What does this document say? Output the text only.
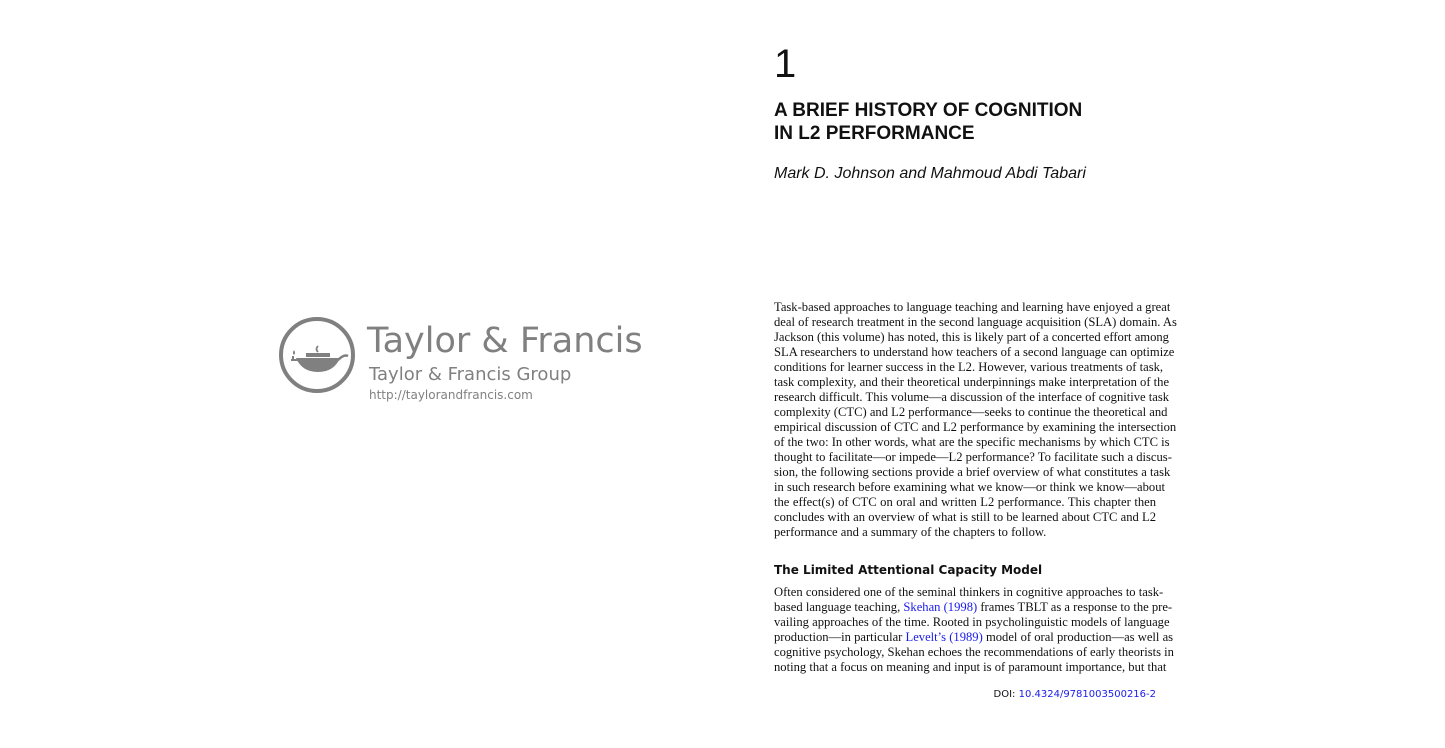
Taylor & Francis
Taylor & Francis Group
http://taylorandfrancis.com
1
A BRIEF HISTORY OF COGNITION
IN L2 PERFORMANCE
Mark D. Johnson and Mahmoud Abdi Tabari
Task-based approaches to language teaching and learning have enjoyed a great
deal of research treatment in the second language acquisition (SLA) domain. As
Jackson (this volume) has noted, this is likely part of a concerted effort among
SLA researchers to understand how teachers of a second language can optimize
conditions for learner success in the L2. However, various treatments of task,
task complexity, and their theoretical underpinnings make interpretation of the
research difficult. This volume—a discussion of the interface of cognitive task
complexity (CTC) and L2 performance—seeks to continue the theoretical and
empirical discussion of CTC and L2 performance by examining the intersection
of the two: In other words, what are the specific mechanisms by which CTC is
thought to facilitate—or impede—L2 performance? To facilitate such a discus-
sion, the following sections provide a brief overview of what constitutes a task
in such research before examining what we know—or think we know—about
the effect(s) of CTC on oral and written L2 performance. This chapter then
concludes with an overview of what is still to be learned about CTC and L2
performance and a summary of the chapters to follow.
The Limited Attentional Capacity Model
Often considered one of the seminal thinkers in cognitive approaches to task-
based language teaching, Skehan (1998) frames TBLT as a response to the pre-
vailing approaches of the time. Rooted in psycholinguistic models of language
production—in particular Levelt’s (1989) model of oral production—as well as
cognitive psychology, Skehan echoes the recommendations of early theorists in
noting that a focus on meaning and input is of paramount importance, but that
DOI: 10.4324/9781003500216-2
